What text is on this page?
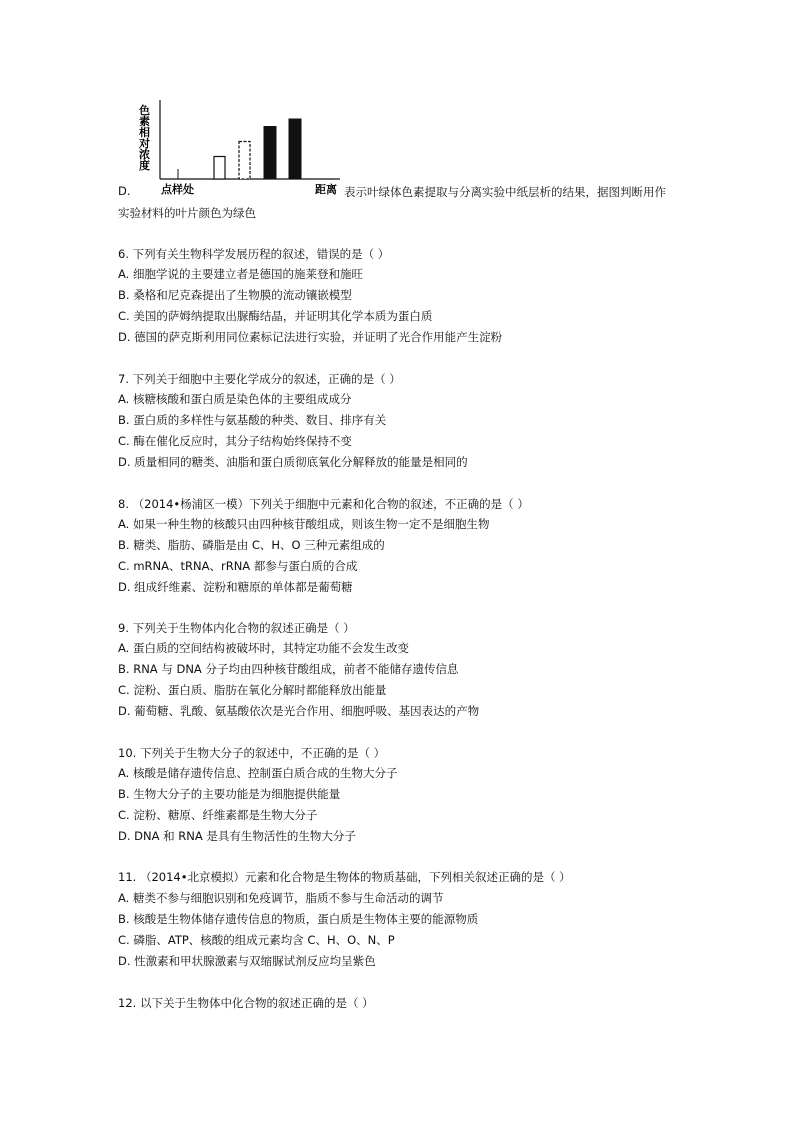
D.
色
素
相
对
浓
度
点样处	距离 表示叶绿体色素提取与分离实验中纸层析的结果，据图判断用作
实验材料的叶片颜色为绿色
6. 下列有关生物科学发展历程的叙述，错误的是（ ）
A. 细胞学说的主要建立者是德国的施莱登和施旺
B. 桑格和尼克森提出了生物膜的流动镶嵌模型
C. 美国的萨姆纳提取出脲酶结晶，并证明其化学本质为蛋白质
D. 德国的萨克斯利用同位素标记法进行实验，并证明了光合作用能产生淀粉
7. 下列关于细胞中主要化学成分的叙述，正确的是（ ）
A. 核糖核酸和蛋白质是染色体的主要组成成分
B. 蛋白质的多样性与氨基酸的种类、数目、排序有关
C. 酶在催化反应时，其分子结构始终保持不变
D. 质量相同的糖类、油脂和蛋白质彻底氧化分解释放的能量是相同的
8. （2014•杨浦区一模）下列关于细胞中元素和化合物的叙述，不正确的是（ ）
A. 如果一种生物的核酸只由四种核苷酸组成，则该生物一定不是细胞生物
B. 糖类、脂肪、磷脂是由 C、H、O 三种元素组成的
C. mRNA、tRNA、rRNA 都参与蛋白质的合成
D. 组成纤维素、淀粉和糖原的单体都是葡萄糖
9. 下列关于生物体内化合物的叙述正确是（ ）
A. 蛋白质的空间结构被破坏时，其特定功能不会发生改变
B. RNA 与 DNA 分子均由四种核苷酸组成，前者不能储存遗传信息
C. 淀粉、蛋白质、脂肪在氧化分解时都能释放出能量
D. 葡萄糖、乳酸、氨基酸依次是光合作用、细胞呼吸、基因表达的产物
10. 下列关于生物大分子的叙述中，不正确的是（ ）
A. 核酸是储存遗传信息、控制蛋白质合成的生物大分子
B. 生物大分子的主要功能是为细胞提供能量
C. 淀粉、糖原、纤维素都是生物大分子
D. DNA 和 RNA 是具有生物活性的生物大分子
11. （2014•北京模拟）元素和化合物是生物体的物质基础，下列相关叙述正确的是（ ）
A. 糖类不参与细胞识别和免疫调节，脂质不参与生命活动的调节
B. 核酸是生物体储存遗传信息的物质，蛋白质是生物体主要的能源物质
C. 磷脂、ATP、核酸的组成元素均含 C、H、O、N、P
D. 性激素和甲状腺激素与双缩脲试剂反应均呈紫色
12. 以下关于生物体中化合物的叙述正确的是（ ）
